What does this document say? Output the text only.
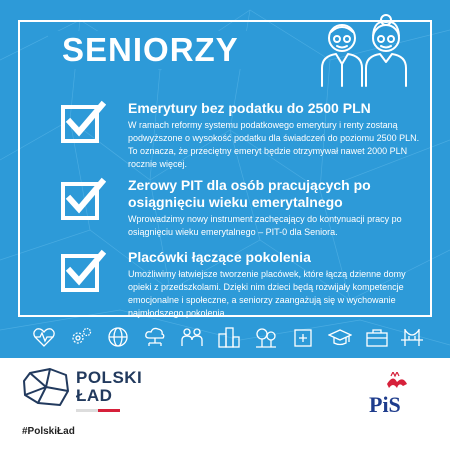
SENIORZY
Emerytury bez podatku do 2500 PLN
W ramach reformy systemu podatkowego emerytury i renty zostaną podwyższone o wysokość podatku dla świadczeń do poziomu 2500 PLN. To oznacza, że przeciętny emeryt będzie otrzymywał nawet 2000 PLN rocznie więcej.
Zerowy PIT dla osób pracujących po osiągnięciu wieku emerytalnego
Wprowadzimy nowy instrument zachęcający do kontynuacji pracy po osiągnięciu wieku emerytalnego – PIT-0 dla Seniora.
Placówki łączące pokolenia
Umożliwimy łatwiejsze tworzenie placówek, które łączą dzienne domy opieki z przedszkolami. Dzięki nim dzieci będą rozwijały kompetencje emocjonalne i społeczne, a seniorzy zaangażują się w wychowanie najmłodszego pokolenia.
POLSKI
ŁAD
#PolskiŁad
PiS
